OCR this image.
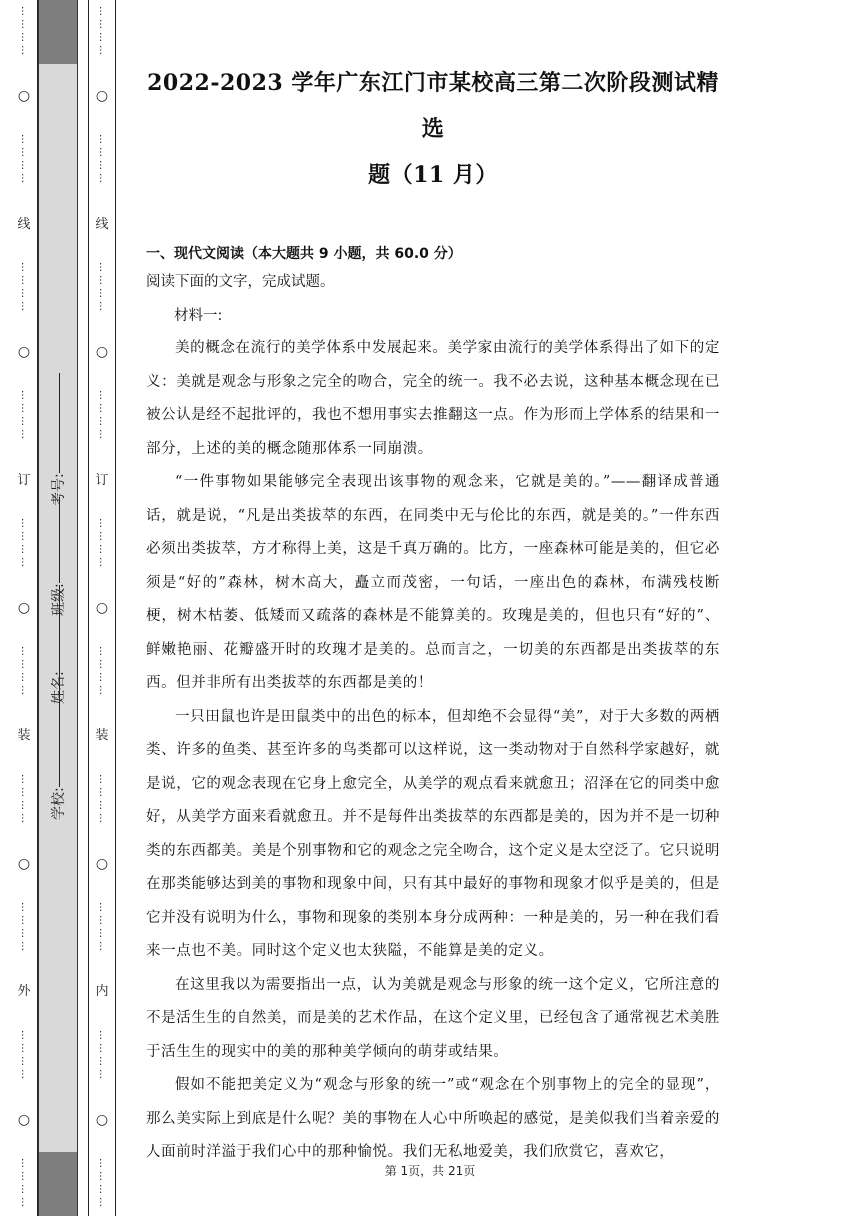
…………
○
…………
线
…………
○
…………
订
…………
○
…………
装
…………
○
…………
外
…………
○
…………
学校:
姓名:
班级:
考号:
…………
○
…………
线
…………
○
…………
订
…………
○
…………
装
…………
○
…………
内
…………
○
…………
2022-2023 学年广东江门市某校高三第二次阶段测试精选
题（11 月）
一、现代文阅读（本大题共 9 小题，共 60.0 分）
阅读下面的文字，完成试题。
材料一:

美的概念在流行的美学体系中发展起来。美学家由流行的美学体系得出了如下的定义：美就是观念与形象之完全的吻合，完全的统一。我不必去说，这种基本概念现在已被公认是经不起批评的，我也不想用事实去推翻这一点。作为形而上学体系的结果和一部分，上述的美的概念随那体系一同崩溃。

“一件事物如果能够完全表现出该事物的观念来，它就是美的。”——翻译成普通话，就是说，“凡是出类拔萃的东西，在同类中无与伦比的东西，就是美的。”一件东西必须出类拔萃，方才称得上美，这是千真万确的。比方，一座森林可能是美的，但它必须是“好的”森林，树木高大，矗立而茂密，一句话，一座出色的森林，布满残枝断梗，树木枯萎、低矮而又疏落的森林是不能算美的。玫瑰是美的，但也只有“好的”、鲜嫩艳丽、花瓣盛开时的玫瑰才是美的。总而言之，一切美的东西都是出类拔萃的东西。但并非所有出类拔萃的东西都是美的！

一只田鼠也许是田鼠类中的出色的标本，但却绝不会显得“美”，对于大多数的两栖类、许多的鱼类、甚至许多的鸟类都可以这样说，这一类动物对于自然科学家越好，就是说，它的观念表现在它身上愈完全，从美学的观点看来就愈丑；沼泽在它的同类中愈好，从美学方面来看就愈丑。并不是每件出类拔萃的东西都是美的，因为并不是一切种类的东西都美。美是个别事物和它的观念之完全吻合，这个定义是太空泛了。它只说明在那类能够达到美的事物和现象中间，只有其中最好的事物和现象才似乎是美的，但是它并没有说明为什么，事物和现象的类别本身分成两种：一种是美的，另一种在我们看来一点也不美。同时这个定义也太狭隘，不能算是美的定义。

在这里我以为需要指出一点，认为美就是观念与形象的统一这个定义，它所注意的不是活生生的自然美，而是美的艺术作品，在这个定义里，已经包含了通常视艺术美胜于活生生的现实中的美的那种美学倾向的萌芽或结果。

假如不能把美定义为“观念与形象的统一”或“观念在个别事物上的完全的显现”，那么美实际上到底是什么呢？美的事物在人心中所唤起的感觉，是美似我们当着亲爱的人面前时洋溢于我们心中的那种愉悦。我们无私地爱美，我们欣赏它，喜欢它，

第 1页，共 21页
